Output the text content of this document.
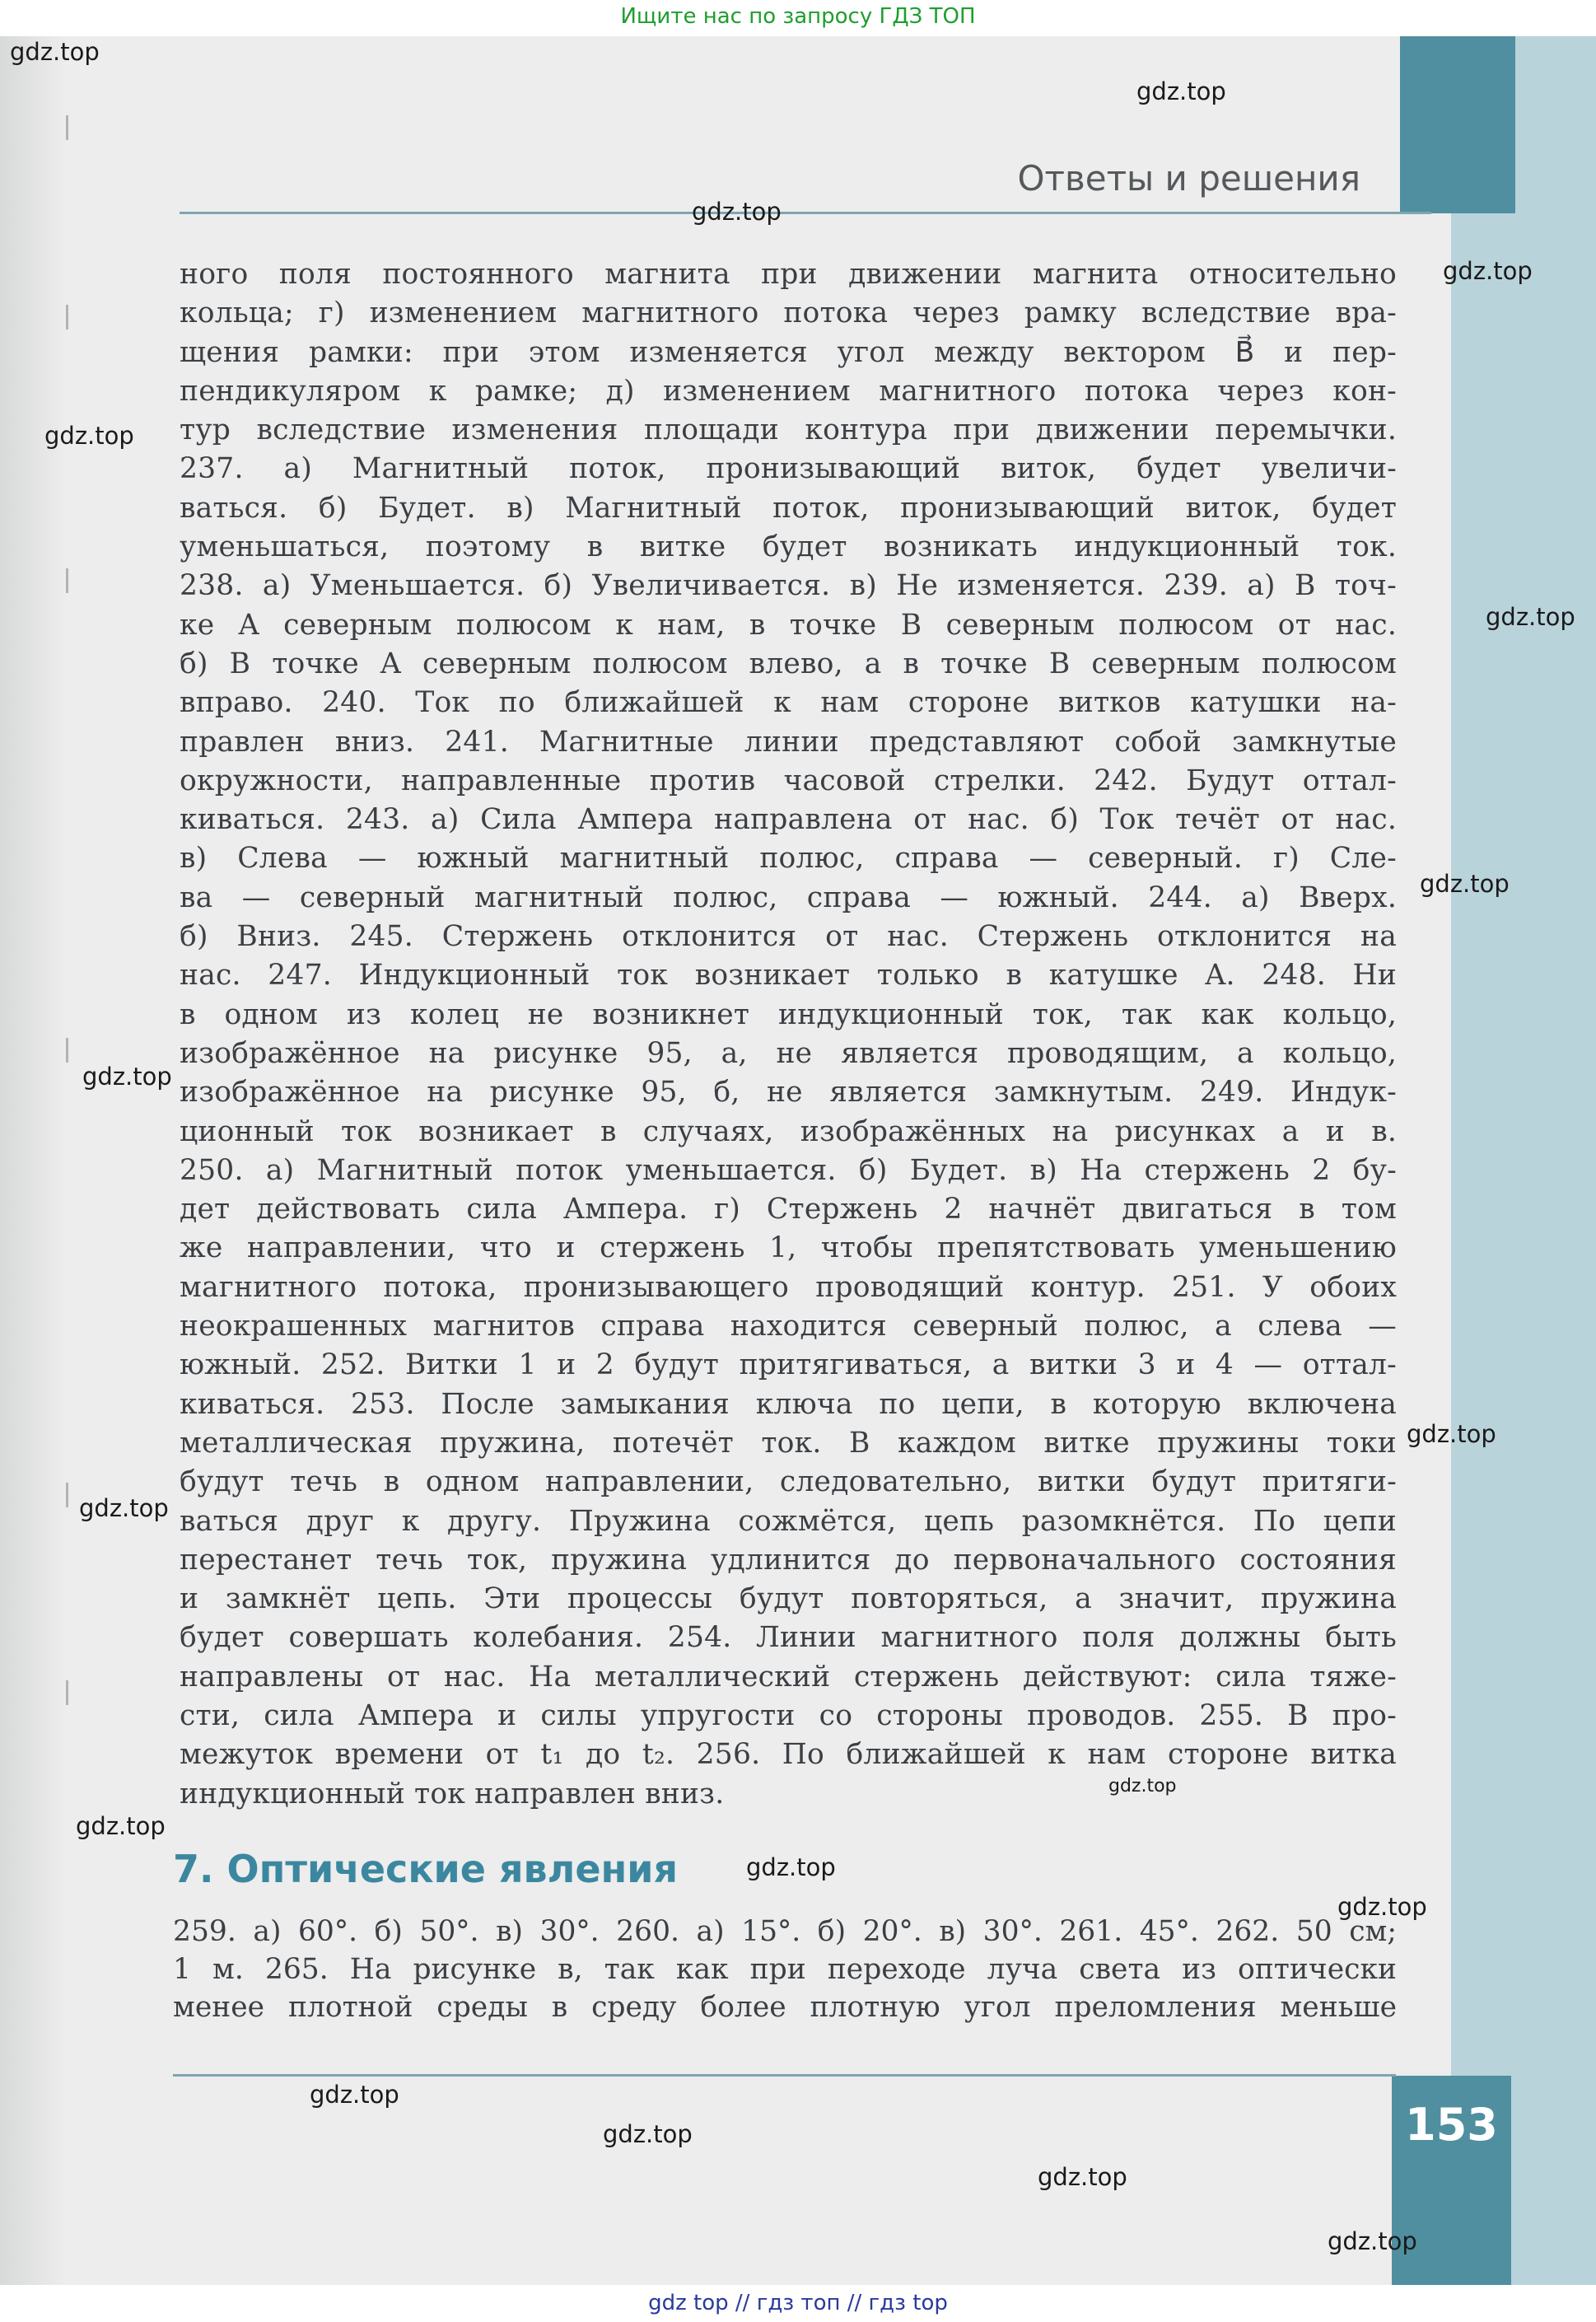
Ищите нас по запросу ГДЗ ТОП
Ответы и решения
ного поля постоянного магнита при движении магнита относительно
кольца; г) изменением магнитного потока через рамку вследствие вра-
щения рамки: при этом изменяется угол между вектором B⃗ и пер-
пендикуляром к рамке; д) изменением магнитного потока через кон-
тур вследствие изменения площади контура при движении перемычки.
237. а) Магнитный поток, пронизывающий виток, будет увеличи-
ваться. б) Будет. в) Магнитный поток, пронизывающий виток, будет
уменьшаться, поэтому в витке будет возникать индукционный ток.
238. а) Уменьшается. б) Увеличивается. в) Не изменяется. 239. а) В точ-
ке A северным полюсом к нам, в точке B северным полюсом от нас.
б) В точке A северным полюсом влево, а в точке B северным полюсом
вправо. 240. Ток по ближайшей к нам стороне витков катушки на-
правлен вниз. 241. Магнитные линии представляют собой замкнутые
окружности, направленные против часовой стрелки. 242. Будут оттал-
киваться. 243. а) Сила Ампера направлена от нас. б) Ток течёт от нас.
в) Слева — южный магнитный полюс, справа — северный. г) Сле-
ва — северный магнитный полюс, справа — южный. 244. а) Вверх.
б) Вниз. 245. Стержень отклонится от нас. Стержень отклонится на
нас. 247. Индукционный ток возникает только в катушке A. 248. Ни
в одном из колец не возникнет индукционный ток, так как кольцо,
изображённое на рисунке 95, а, не является проводящим, а кольцо,
изображённое на рисунке 95, б, не является замкнутым. 249. Индук-
ционный ток возникает в случаях, изображённых на рисунках а и в.
250. а) Магнитный поток уменьшается. б) Будет. в) На стержень 2 бу-
дет действовать сила Ампера. г) Стержень 2 начнёт двигаться в том
же направлении, что и стержень 1, чтобы препятствовать уменьшению
магнитного потока, пронизывающего проводящий контур. 251. У обоих
неокрашенных магнитов справа находится северный полюс, а слева —
южный. 252. Витки 1 и 2 будут притягиваться, а витки 3 и 4 — оттал-
киваться. 253. После замыкания ключа по цепи, в которую включена
металлическая пружина, потечёт ток. В каждом витке пружины токи
будут течь в одном направлении, следовательно, витки будут притяги-
ваться друг к другу. Пружина сожмётся, цепь разомкнётся. По цепи
перестанет течь ток, пружина удлинится до первоначального состояния
и замкнёт цепь. Эти процессы будут повторяться, а значит, пружина
будет совершать колебания. 254. Линии магнитного поля должны быть
направлены от нас. На металлический стержень действуют: сила тяже-
сти, сила Ампера и силы упругости со стороны проводов. 255. В про-
межуток времени от t₁ до t₂. 256. По ближайшей к нам стороне витка
индукционный ток направлен вниз.
7. Оптические явления
259. а) 60°. б) 50°. в) 30°. 260. а) 15°. б) 20°. в) 30°. 261. 45°. 262. 50 см;
1 м. 265. На рисунке в, так как при переходе луча света из оптически
менее плотной среды в среду более плотную угол преломления меньше
153
gdz.top
gdz.top
gdz.top
gdz.top
gdz.top
gdz.top
gdz.top
gdz.top
gdz.top
gdz.top
gdz.top
gdz.top
gdz.top
gdz.top
gdz.top
gdz.top
gdz.top
gdz.top
gdz top // гдз топ // гдз top
